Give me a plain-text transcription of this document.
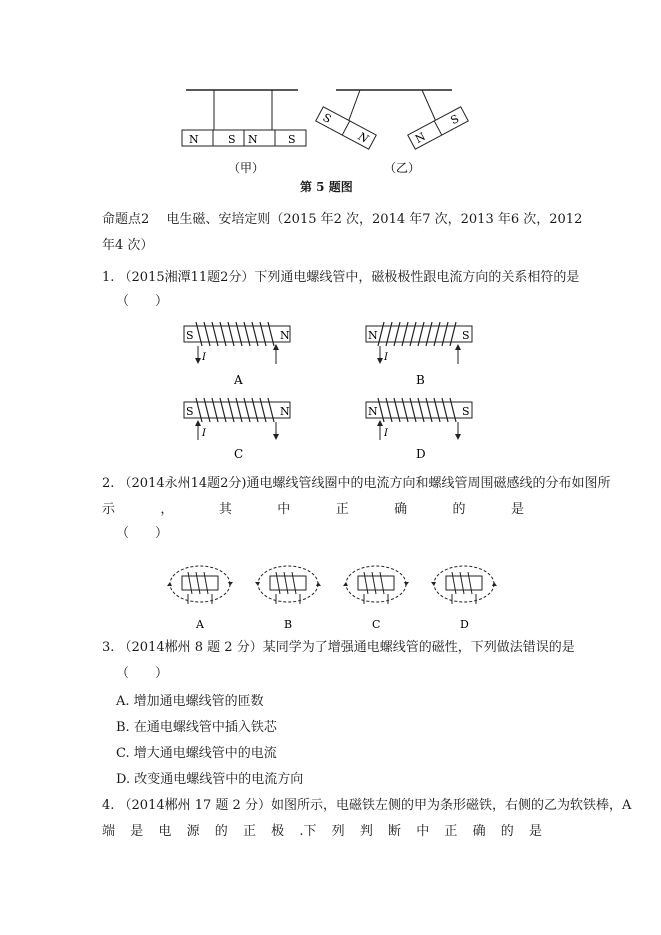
N	S N	S
（甲）
S
N	N
S
（乙）
第 5 题图
命题点2　 电生磁、安培定则（2015 年2 次，2014 年7 次，2013 年6 次，2012
年4 次）
1. （2015湘潭11题2分）下列通电螺线管中，磁极极性跟电流方向的关系相符的是
（　　）
S	N
I
A
N	S
I
B
S	N
I
C
N	S
I
D
2. （2014永州14题2分)通电螺线管线圈中的电流方向和螺线管周围磁感线的分布如图所
示	，	其	中	正	确	的	是
（　　）
A	B	C	D
3. （2014郴州 8 题 2 分）某同学为了增强通电螺线管的磁性，下列做法错误的是
（　　）
A. 增加通电螺线管的匝数
B. 在通电螺线管中插入铁芯
C. 增大通电螺线管中的电流
D. 改变通电螺线管中的电流方向
4. （2014郴州 17 题 2 分）如图所示，电磁铁左侧的甲为条形磁铁，右侧的乙为软铁棒，A
端 是 电 源 的 正 极 .下 列 判 断 中 正 确 的 是
